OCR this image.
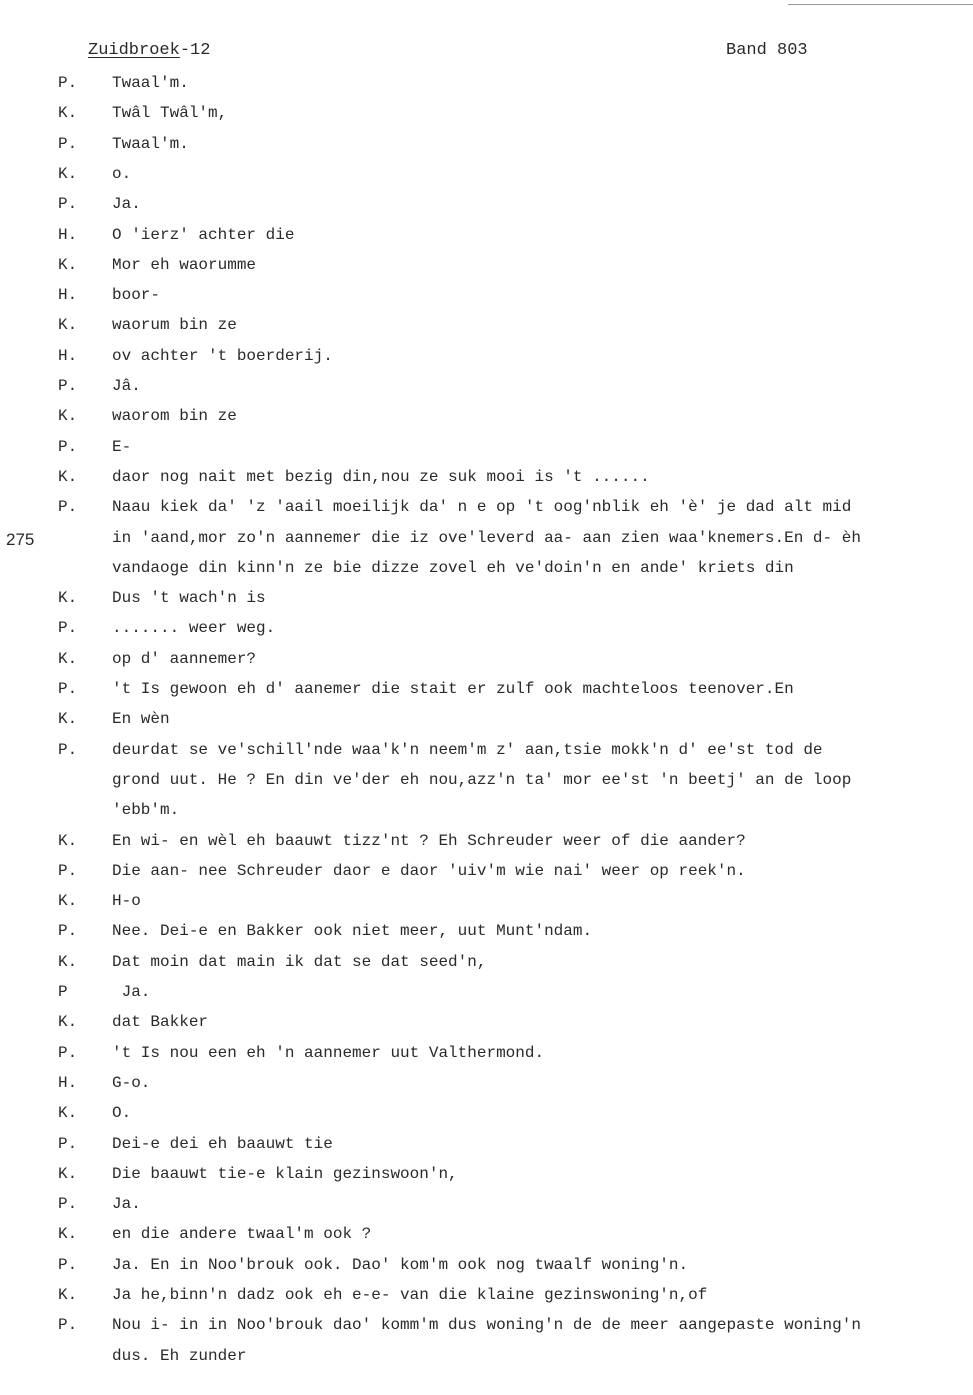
Zuidbroek-12	Band 803
275
P.	Twaal'm.
K.	Twâl Twâl'm,
P.	Twaal'm.
K.	o.
P.	Ja.
H.	O 'ierz' achter die
K.	Mor eh waorumme
H.	boor-
K.	waorum bin ze
H.	ov achter 't boerderij.
P.	Jâ.
K.	waorom bin ze
P.	E-
K.	daor nog nait met bezig din,nou ze suk mooi is 't ......
P.	Naau kiek da' 'z 'aail moeilijk da' n e op 't oog'nblik eh 'è' je dad alt mid
in 'aand,mor zo'n aannemer die iz ove'leverd aa- aan zien waa'knemers.En d- èh
vandaoge din kinn'n ze bie dizze zovel eh ve'doin'n en ande' kriets din
K.	Dus 't wach'n is
P.	....... weer weg.
K.	op d' aannemer?
P.	't Is gewoon eh d' aanemer die stait er zulf ook machteloos teenover.En
K.	En wèn
P.	deurdat se ve'schill'nde waa'k'n neem'm z' aan,tsie mokk'n d' ee'st tod de
grond uut. He ? En din ve'der eh nou,azz'n ta' mor ee'st 'n beetj' an de loop
'ebb'm.
K.	En wi- en wèl eh baauwt tizz'nt ? Eh Schreuder weer of die aander?
P.	Die aan- nee Schreuder daor e daor 'uiv'm wie nai' weer op reek'n.
K.	H-o
P.	Nee. Dei-e en Bakker ook niet meer, uut Munt'ndam.
K.	Dat moin dat main ik dat se dat seed'n,
P	Ja.
K.	dat Bakker
P.	't Is nou een eh 'n aannemer uut Valthermond.
H.	G-o.
K.	O.
P.	Dei-e dei eh baauwt tie
K.	Die baauwt tie-e klain gezinswoon'n,
P.	Ja.
K.	en die andere twaal'm ook ?
P.	Ja. En in Noo'brouk ook. Dao' kom'm ook nog twaalf woning'n.
K.	Ja he,binn'n dadz ook eh e-e- van die klaine gezinswoning'n,of
P.	Nou i- in in Noo'brouk dao' komm'm dus woning'n de de meer aangepaste woning'n
dus. Eh zunder
